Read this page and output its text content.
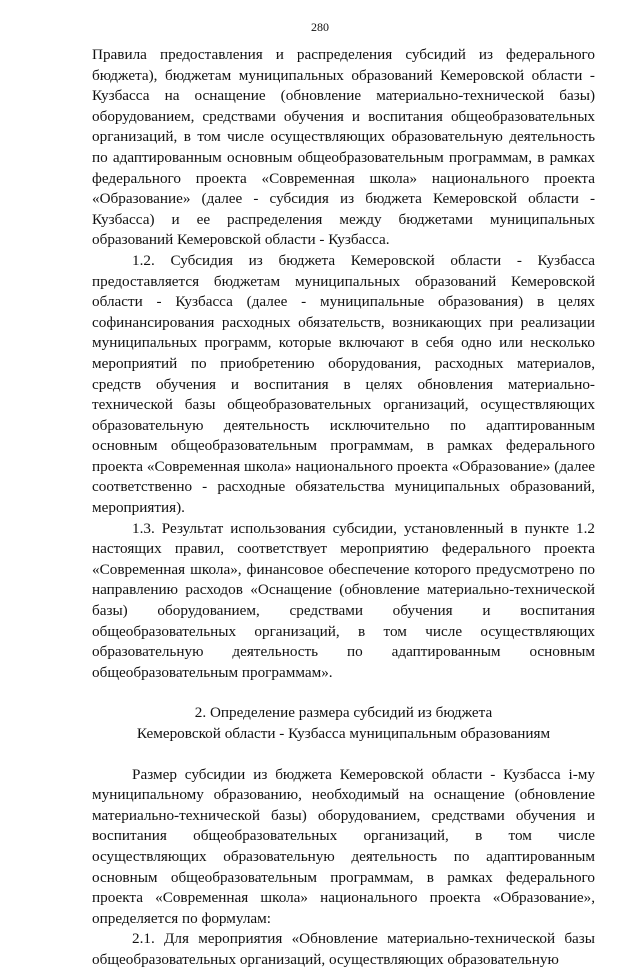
280

Правила предоставления и распределения субсидий из федерального бюджета), бюджетам муниципальных образований Кемеровской области - Кузбасса на оснащение (обновление материально-технической базы) оборудованием, средствами обучения и воспитания общеобразовательных организаций, в том числе осуществляющих образовательную деятельность по адаптированным основным общеобразовательным программам, в рамках федерального проекта «Современная школа» национального проекта «Образование» (далее - субсидия из бюджета Кемеровской области - Кузбасса) и ее распределения между бюджетами муниципальных образований Кемеровской области - Кузбасса.

1.2. Субсидия из бюджета Кемеровской области - Кузбасса предоставляется бюджетам муниципальных образований Кемеровской области - Кузбасса (далее - муниципальные образования) в целях софинансирования расходных обязательств, возникающих при реализации муниципальных программ, которые включают в себя одно или несколько мероприятий по приобретению оборудования, расходных материалов, средств обучения и воспитания в целях обновления материально-технической базы общеобразовательных организаций, осуществляющих образовательную деятельность исключительно по адаптированным основным общеобразовательным программам, в рамках федерального проекта «Современная школа» национального проекта «Образование» (далее соответственно - расходные обязательства муниципальных образований, мероприятия).

1.3. Результат использования субсидии, установленный в пункте 1.2 настоящих правил, соответствует мероприятию федерального проекта «Современная школа», финансовое обеспечение которого предусмотрено по направлению расходов «Оснащение (обновление материально-технической базы) оборудованием, средствами обучения и воспитания общеобразовательных организаций, в том числе осуществляющих образовательную деятельность по адаптированным основным общеобразовательным программам».

2. Определение размера субсидий из бюджета

Кемеровской области - Кузбасса муниципальным образованиям

Размер субсидии из бюджета Кемеровской области - Кузбасса i-му муниципальному образованию, необходимый на оснащение (обновление материально-технической базы) оборудованием, средствами обучения и воспитания общеобразовательных организаций, в том числе осуществляющих образовательную деятельность по адаптированным основным общеобразовательным программам, в рамках федерального проекта «Современная школа» национального проекта «Образование», определяется по формулам:

2.1. Для мероприятия «Обновление материально-технической базы общеобразовательных организаций, осуществляющих образовательную
